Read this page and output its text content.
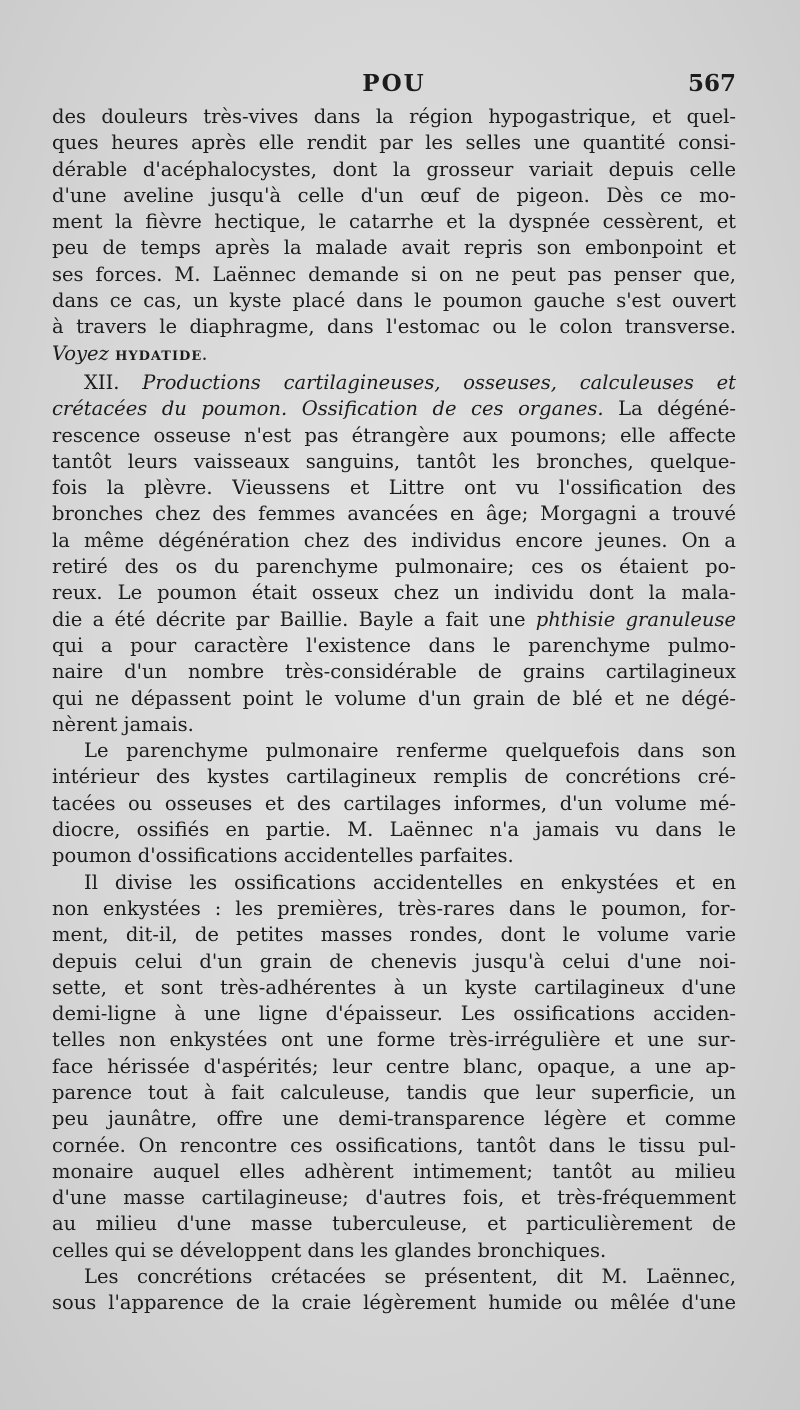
POU	567
des douleurs très-vives dans la région hypogastrique, et quel-
ques heures après elle rendit par les selles une quantité consi-
dérable d'acéphalocystes, dont la grosseur variait depuis celle
d'une aveline jusqu'à celle d'un œuf de pigeon. Dès ce mo-
ment la fièvre hectique, le catarrhe et la dyspnée cessèrent, et
peu de temps après la malade avait repris son embonpoint et
ses forces. M. Laënnec demande si on ne peut pas penser que,
dans ce cas, un kyste placé dans le poumon gauche s'est ouvert
à travers le diaphragme, dans l'estomac ou le colon transverse.
Voyez HYDATIDE.
XII. Productions cartilagineuses, osseuses, calculeuses et
crétacées du poumon. Ossification de ces organes. La dégéné-
rescence osseuse n'est pas étrangère aux poumons; elle affecte
tantôt leurs vaisseaux sanguins, tantôt les bronches, quelque-
fois la plèvre. Vieussens et Littre ont vu l'ossification des
bronches chez des femmes avancées en âge; Morgagni a trouvé
la même dégénération chez des individus encore jeunes. On a
retiré des os du parenchyme pulmonaire; ces os étaient po-
reux. Le poumon était osseux chez un individu dont la mala-
die a été décrite par Baillie. Bayle a fait une phthisie granuleuse
qui a pour caractère l'existence dans le parenchyme pulmo-
naire d'un nombre très-considérable de grains cartilagineux
qui ne dépassent point le volume d'un grain de blé et ne dégé-
nèrent jamais.
Le parenchyme pulmonaire renferme quelquefois dans son
intérieur des kystes cartilagineux remplis de concrétions cré-
tacées ou osseuses et des cartilages informes, d'un volume mé-
diocre, ossifiés en partie. M. Laënnec n'a jamais vu dans le
poumon d'ossifications accidentelles parfaites.
Il divise les ossifications accidentelles en enkystées et en
non enkystées : les premières, très-rares dans le poumon, for-
ment, dit-il, de petites masses rondes, dont le volume varie
depuis celui d'un grain de chenevis jusqu'à celui d'une noi-
sette, et sont très-adhérentes à un kyste cartilagineux d'une
demi-ligne à une ligne d'épaisseur. Les ossifications acciden-
telles non enkystées ont une forme très-irrégulière et une sur-
face hérissée d'aspérités; leur centre blanc, opaque, a une ap-
parence tout à fait calculeuse, tandis que leur superficie, un
peu jaunâtre, offre une demi-transparence légère et comme
cornée. On rencontre ces ossifications, tantôt dans le tissu pul-
monaire auquel elles adhèrent intimement; tantôt au milieu
d'une masse cartilagineuse; d'autres fois, et très-fréquemment
au milieu d'une masse tuberculeuse, et particulièrement de
celles qui se développent dans les glandes bronchiques.
Les concrétions crétacées se présentent, dit M. Laënnec,
sous l'apparence de la craie légèrement humide ou mêlée d'une
